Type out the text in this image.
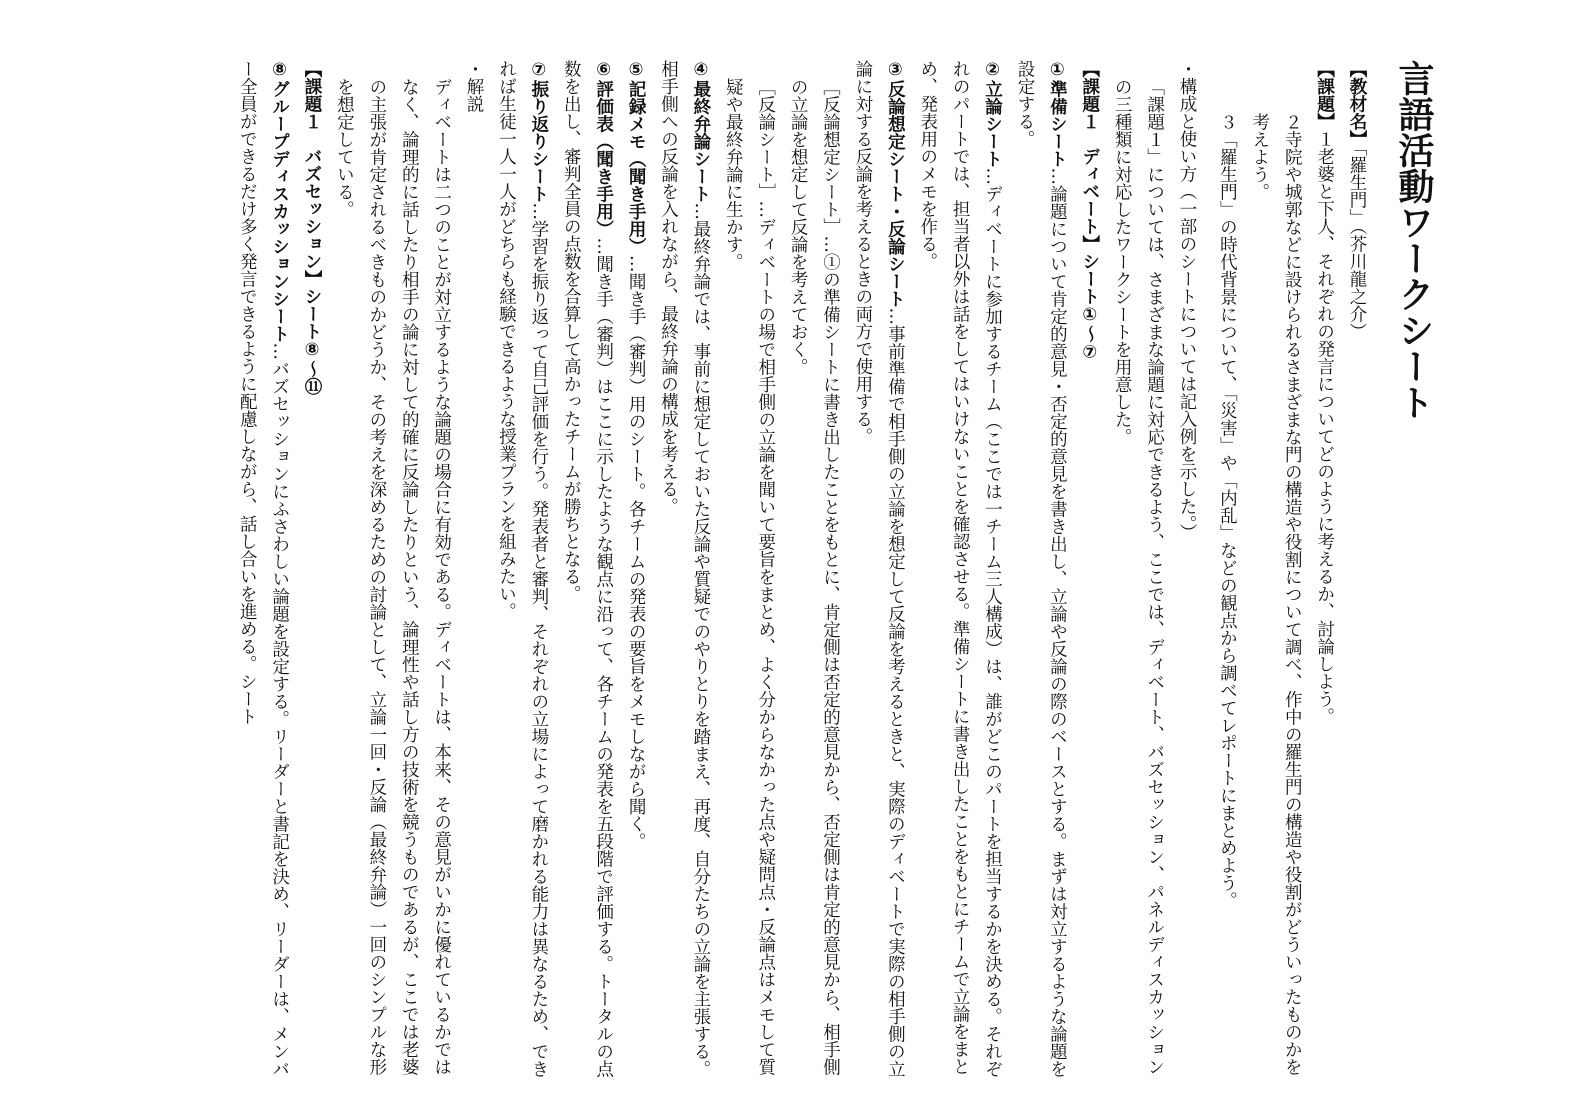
言語活動ワークシート

【教材名】「羅生門」（芥川龍之介）

【課題】１老婆と下人、それぞれの発言についてどのように考えるか、討論しよう。

２寺院や城郭などに設けられるさまざまな門の構造や役割について調べ、作中の羅生門の構造や役割がどういったものかを考えよう。

３「羅生門」の時代背景について、「災害」や「内乱」などの観点から調べてレポートにまとめよう。

・構成と使い方（一部のシートについては記入例を示した。）

「課題１」については、さまざまな論題に対応できるよう、ここでは、ディベート、バズセッション、パネルディスカッションの三種類に対応したワークシートを用意した。

【課題１　ディベート】シート①～⑦

①準備シート…論題について肯定的意見・否定的意見を書き出し、立論や反論の際のベースとする。まずは対立するような論題を設定する。

②立論シート…ディベートに参加するチーム（ここでは一チーム三人構成）は、誰がどこのパートを担当するかを決める。それぞれのパートでは、担当者以外は話をしてはいけないことを確認させる。準備シートに書き出したことをもとにチームで立論をまとめ、発表用のメモを作る。

③反論想定シート・反論シート…事前準備で相手側の立論を想定して反論を考えるときと、実際のディベートで実際の相手側の立論に対する反論を考えるときの両方で使用する。

［反論想定シート］…①の準備シートに書き出したことをもとに、肯定側は否定的意見から、否定側は肯定的意見から、相手側の立論を想定して反論を考えておく。

［反論シート］…ディベートの場で相手側の立論を聞いて要旨をまとめ、よく分からなかった点や疑問点・反論点はメモして質疑や最終弁論に生かす。

④最終弁論シート…最終弁論では、事前に想定しておいた反論や質疑でのやりとりを踏まえ、再度、自分たちの立論を主張する。相手側への反論を入れながら、最終弁論の構成を考える。

⑤記録メモ（聞き手用）…聞き手（審判）用のシート。各チームの発表の要旨をメモしながら聞く。

⑥評価表（聞き手用）…聞き手（審判）はここに示したような観点に沿って、各チームの発表を五段階で評価する。トータルの点数を出し、審判全員の点数を合算して高かったチームが勝ちとなる。

⑦振り返りシート…学習を振り返って自己評価を行う。発表者と審判、それぞれの立場によって磨かれる能力は異なるため、できれば生徒一人一人がどちらも経験できるような授業プランを組みたい。

・解説

ディベートは二つのことが対立するような論題の場合に有効である。ディベートは、本来、その意見がいかに優れているかではなく、論理的に話したり相手の論に対して的確に反論したりという、論理性や話し方の技術を競うものであるが、ここでは老婆の主張が肯定されるべきものかどうか、その考えを深めるための討論として、立論一回・反論（最終弁論）一回のシンプルな形を想定している。

【課題１　バズセッション】シート⑧～⑪

⑧グループディスカッションシート…バズセッションにふさわしい論題を設定する。リーダーと書記を決め、リーダーは、メンバー全員ができるだけ多く発言できるように配慮しながら、話し合いを進める。シート
